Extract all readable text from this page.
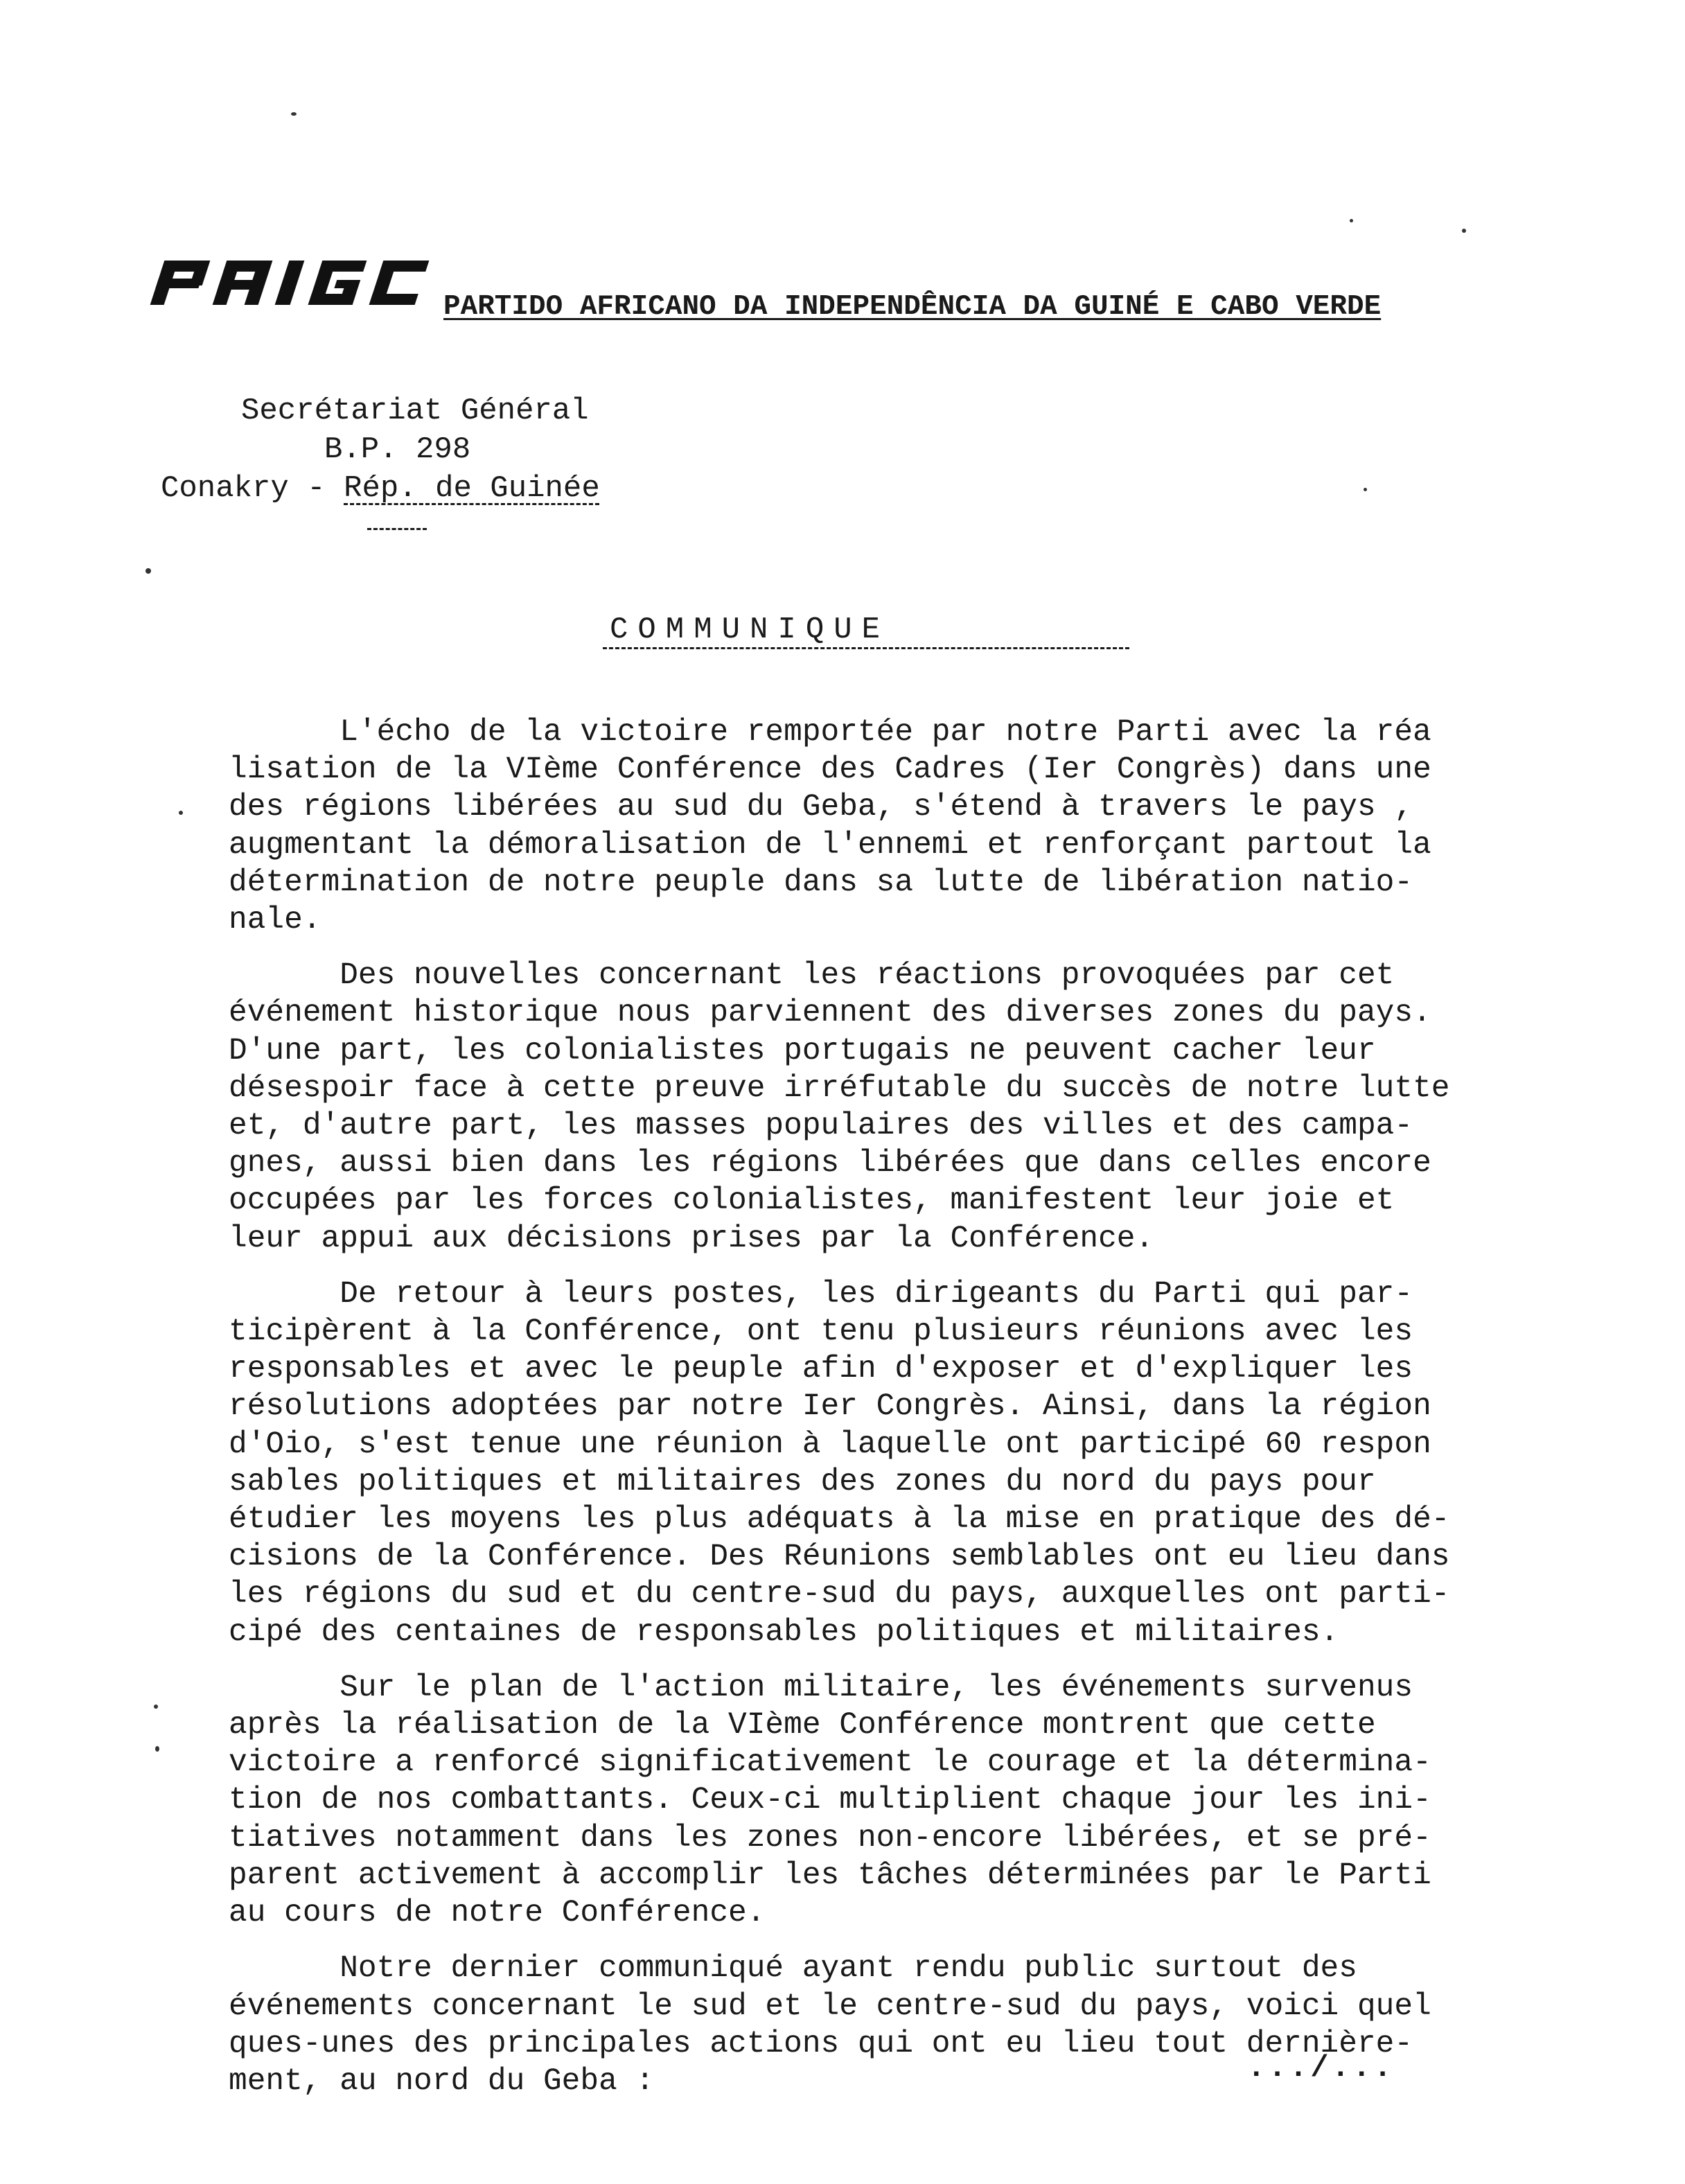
PARTIDO AFRICANO DA INDEPENDÊNCIA DA GUINÉ E CABO VERDE
Secrétariat Général
B.P. 298
Conakry - Rép. de Guinée
COMMUNIQUE

L'écho de la victoire remportée par notre Parti avec la réa
lisation de la VIème Conférence des Cadres (Ier Congrès) dans une
des régions libérées au sud du Geba, s'étend à travers le pays ,
augmentant la démoralisation de l'ennemi et renforçant partout la
détermination de notre peuple dans sa lutte de libération natio-
nale.

Des nouvelles concernant les réactions provoquées par cet
événement historique nous parviennent des diverses zones du pays.
D'une part, les colonialistes portugais ne peuvent cacher leur
désespoir face à cette preuve irréfutable du succès de notre lutte
et, d'autre part, les masses populaires des villes et des campa-
gnes, aussi bien dans les régions libérées que dans celles encore
occupées par les forces colonialistes, manifestent leur joie et
leur appui aux décisions prises par la Conférence.

De retour à leurs postes, les dirigeants du Parti qui par-
ticipèrent à la Conférence, ont tenu plusieurs réunions avec les
responsables et avec le peuple afin d'exposer et d'expliquer les
résolutions adoptées par notre Ier Congrès. Ainsi, dans la région
d'Oio, s'est tenue une réunion à laquelle ont participé 60 respon
sables politiques et militaires des zones du nord du pays pour
étudier les moyens les plus adéquats à la mise en pratique des dé-
cisions de la Conférence. Des Réunions semblables ont eu lieu dans
les régions du sud et du centre-sud du pays, auxquelles ont parti-
cipé des centaines de responsables politiques et militaires.

Sur le plan de l'action militaire, les événements survenus
après la réalisation de la VIème Conférence montrent que cette
victoire a renforcé significativement le courage et la détermina-
tion de nos combattants. Ceux-ci multiplient chaque jour les ini-
tiatives notamment dans les zones non-encore libérées, et se pré-
parent activement à accomplir les tâches déterminées par le Parti
au cours de notre Conférence.

Notre dernier communiqué ayant rendu public surtout des
événements concernant le sud et le centre-sud du pays, voici quel
ques-unes des principales actions qui ont eu lieu tout dernière-
ment, au nord du Geba :	.../...
